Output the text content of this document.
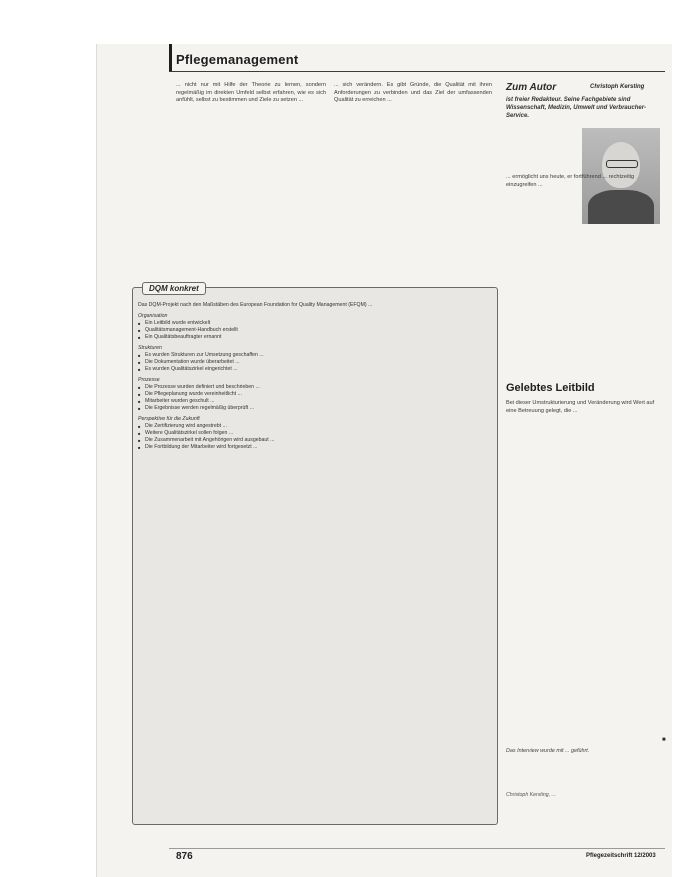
Pflegemanagement

... nicht nur mit Hilfe der Theorie zu lernen, sondern regelmäßig im direkten Umfeld selbst erfahren, wie es sich anfühlt, selbst zu bestimmen und Ziele zu setzen ...

... sich verändern. Es gibt Gründe, die Qualität mit ihren Anforderungen zu verbinden und das Ziel der umfassenden Qualität zu erreichen ...

Zum Autor	Christoph Kersting
ist freier Redakteur. Seine Fachgebiete sind Wissenschaft, Medizin, Umwelt und Verbraucher-Service.
... ermöglicht uns heute, er fortführend ... rechtzeitig einzugreifen ...
Gelebtes Leitbild
Bei dieser Umstrukturierung und Veränderung wird Wert auf eine Betreuung gelegt, die ...
■
DQM konkret

Das DQM-Projekt nach den Maßstäben des European Foundation for Quality Management (EFQM) ...

Organisation
■ Ein Leitbild wurde entwickelt
■ Qualitätsmanagement-Handbuch erstellt
■ Ein Qualitätsbeauftragter ernannt
Strukturen
■ Es wurden Strukturen zur Umsetzung geschaffen ...
■ Die Dokumentation wurde überarbeitet ...
■ Es wurden Qualitätszirkel eingerichtet ...
Prozesse
■ Die Prozesse wurden definiert und beschrieben ...
■ Die Pflegeplanung wurde vereinheitlicht ...
■ Mitarbeiter wurden geschult ...
■ Die Ergebnisse werden regelmäßig überprüft ...
Perspektive für die Zukunft
■ Die Zertifizierung wird angestrebt ...
■ Weitere Qualitätszirkel sollen folgen ...
■ Die Zusammenarbeit mit Angehörigen wird ausgebaut ...
■ Die Fortbildung der Mitarbeiter wird fortgesetzt ...
Das Interview wurde mit ... geführt.
Christoph Kersting, ...
876	Pflegezeitschrift 12/2003
